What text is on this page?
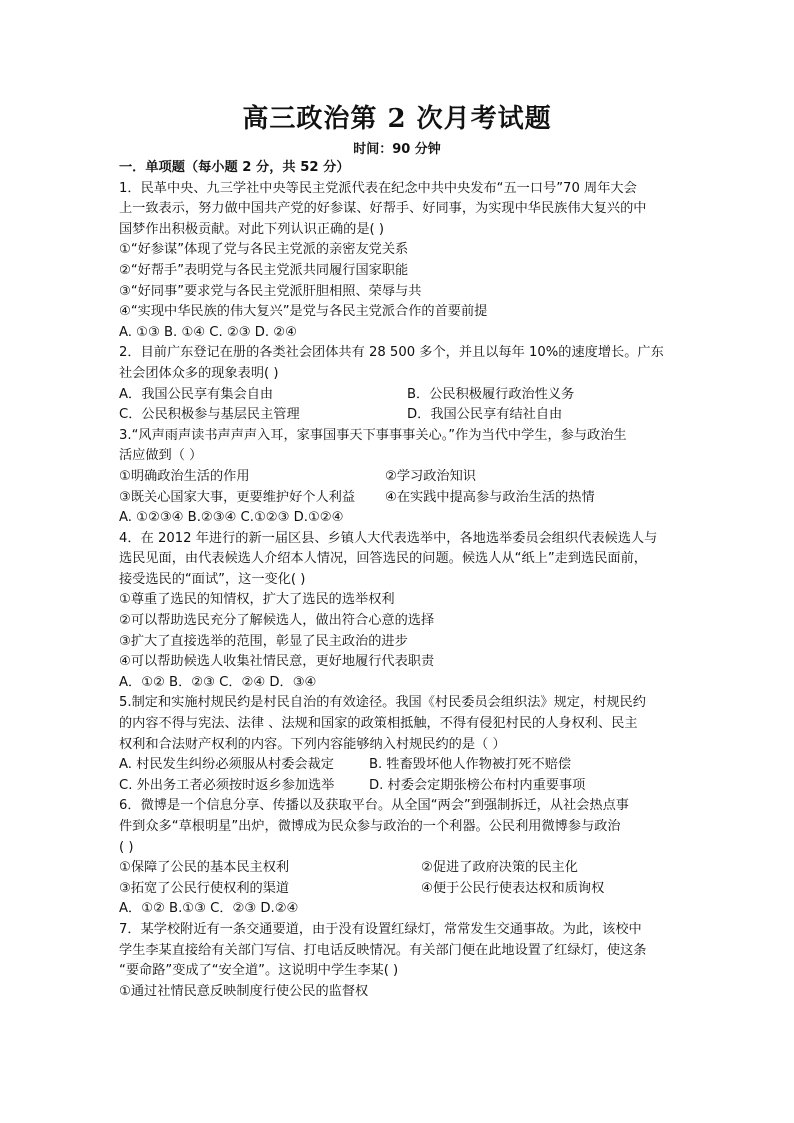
高三政治第 2 次月考试题
时间：90 分钟
一．单项题（每小题 2 分，共 52 分）
1．民革中央、九三学社中央等民主党派代表在纪念中共中央发布“五一口号”70 周年大会
上一致表示，努力做中国共产党的好参谋、好帮手、好同事，为实现中华民族伟大复兴的中
国梦作出积极贡献。对此下列认识正确的是( )
①“好参谋”体现了党与各民主党派的亲密友党关系
②“好帮手”表明党与各民主党派共同履行国家职能
③“好同事”要求党与各民主党派肝胆相照、荣辱与共
④“实现中华民族的伟大复兴”是党与各民主党派合作的首要前提
A. ①③ B. ①④ C. ②③ D. ②④
2．目前广东登记在册的各类社会团体共有 28 500 多个，并且以每年 10%的速度增长。广东
社会团体众多的现象表明( )
A．我国公民享有集会自由	B．公民积极履行政治性义务
C．公民积极参与基层民主管理	D．我国公民享有结社自由
3.“风声雨声读书声声声入耳，家事国事天下事事事关心。”作为当代中学生，参与政治生
活应做到（ ）
①明确政治生活的作用	②学习政治知识
③既关心国家大事，更要维护好个人利益	④在实践中提高参与政治生活的热情
A. ①②③④ B.②③④ C.①②③ D.①②④
4．在 2012 年进行的新一届区县、乡镇人大代表选举中，各地选举委员会组织代表候选人与
选民见面，由代表候选人介绍本人情况，回答选民的问题。候选人从“纸上”走到选民面前，
接受选民的“面试”，这一变化( )
①尊重了选民的知情权，扩大了选民的选举权利
②可以帮助选民充分了解候选人，做出符合心意的选择
③扩大了直接选举的范围，彰显了民主政治的进步
④可以帮助候选人收集社情民意，更好地履行代表职责
A．①② B．②③ C．②④ D．③④
5.制定和实施村规民约是村民自治的有效途径。我国《村民委员会组织法》规定，村规民约
的内容不得与宪法、法律 、法规和国家的政策相抵触，不得有侵犯村民的人身权利、民主
权利和合法财产权利的内容。下列内容能够纳入村规民约的是（ ）
A. 村民发生纠纷必须服从村委会裁定	B. 牲畜毁坏他人作物被打死不赔偿
C. 外出务工者必须按时返乡参加选举	D. 村委会定期张榜公布村内重要事项
6．微博是一个信息分享、传播以及获取平台。从全国“两会”到强制拆迁，从社会热点事
件到众多“草根明星”出炉，微博成为民众参与政治的一个利器。公民利用微博参与政治
( )
①保障了公民的基本民主权利	②促进了政府决策的民主化
③拓宽了公民行使权利的渠道	④便于公民行使表达权和质询权
A．①② B.①③ C．②③ D.②④
7．某学校附近有一条交通要道，由于没有设置红绿灯，常常发生交通事故。为此，该校中
学生李某直接给有关部门写信、打电话反映情况。有关部门便在此地设置了红绿灯，使这条
“要命路”变成了“安全道”。这说明中学生李某( )
①通过社情民意反映制度行使公民的监督权
